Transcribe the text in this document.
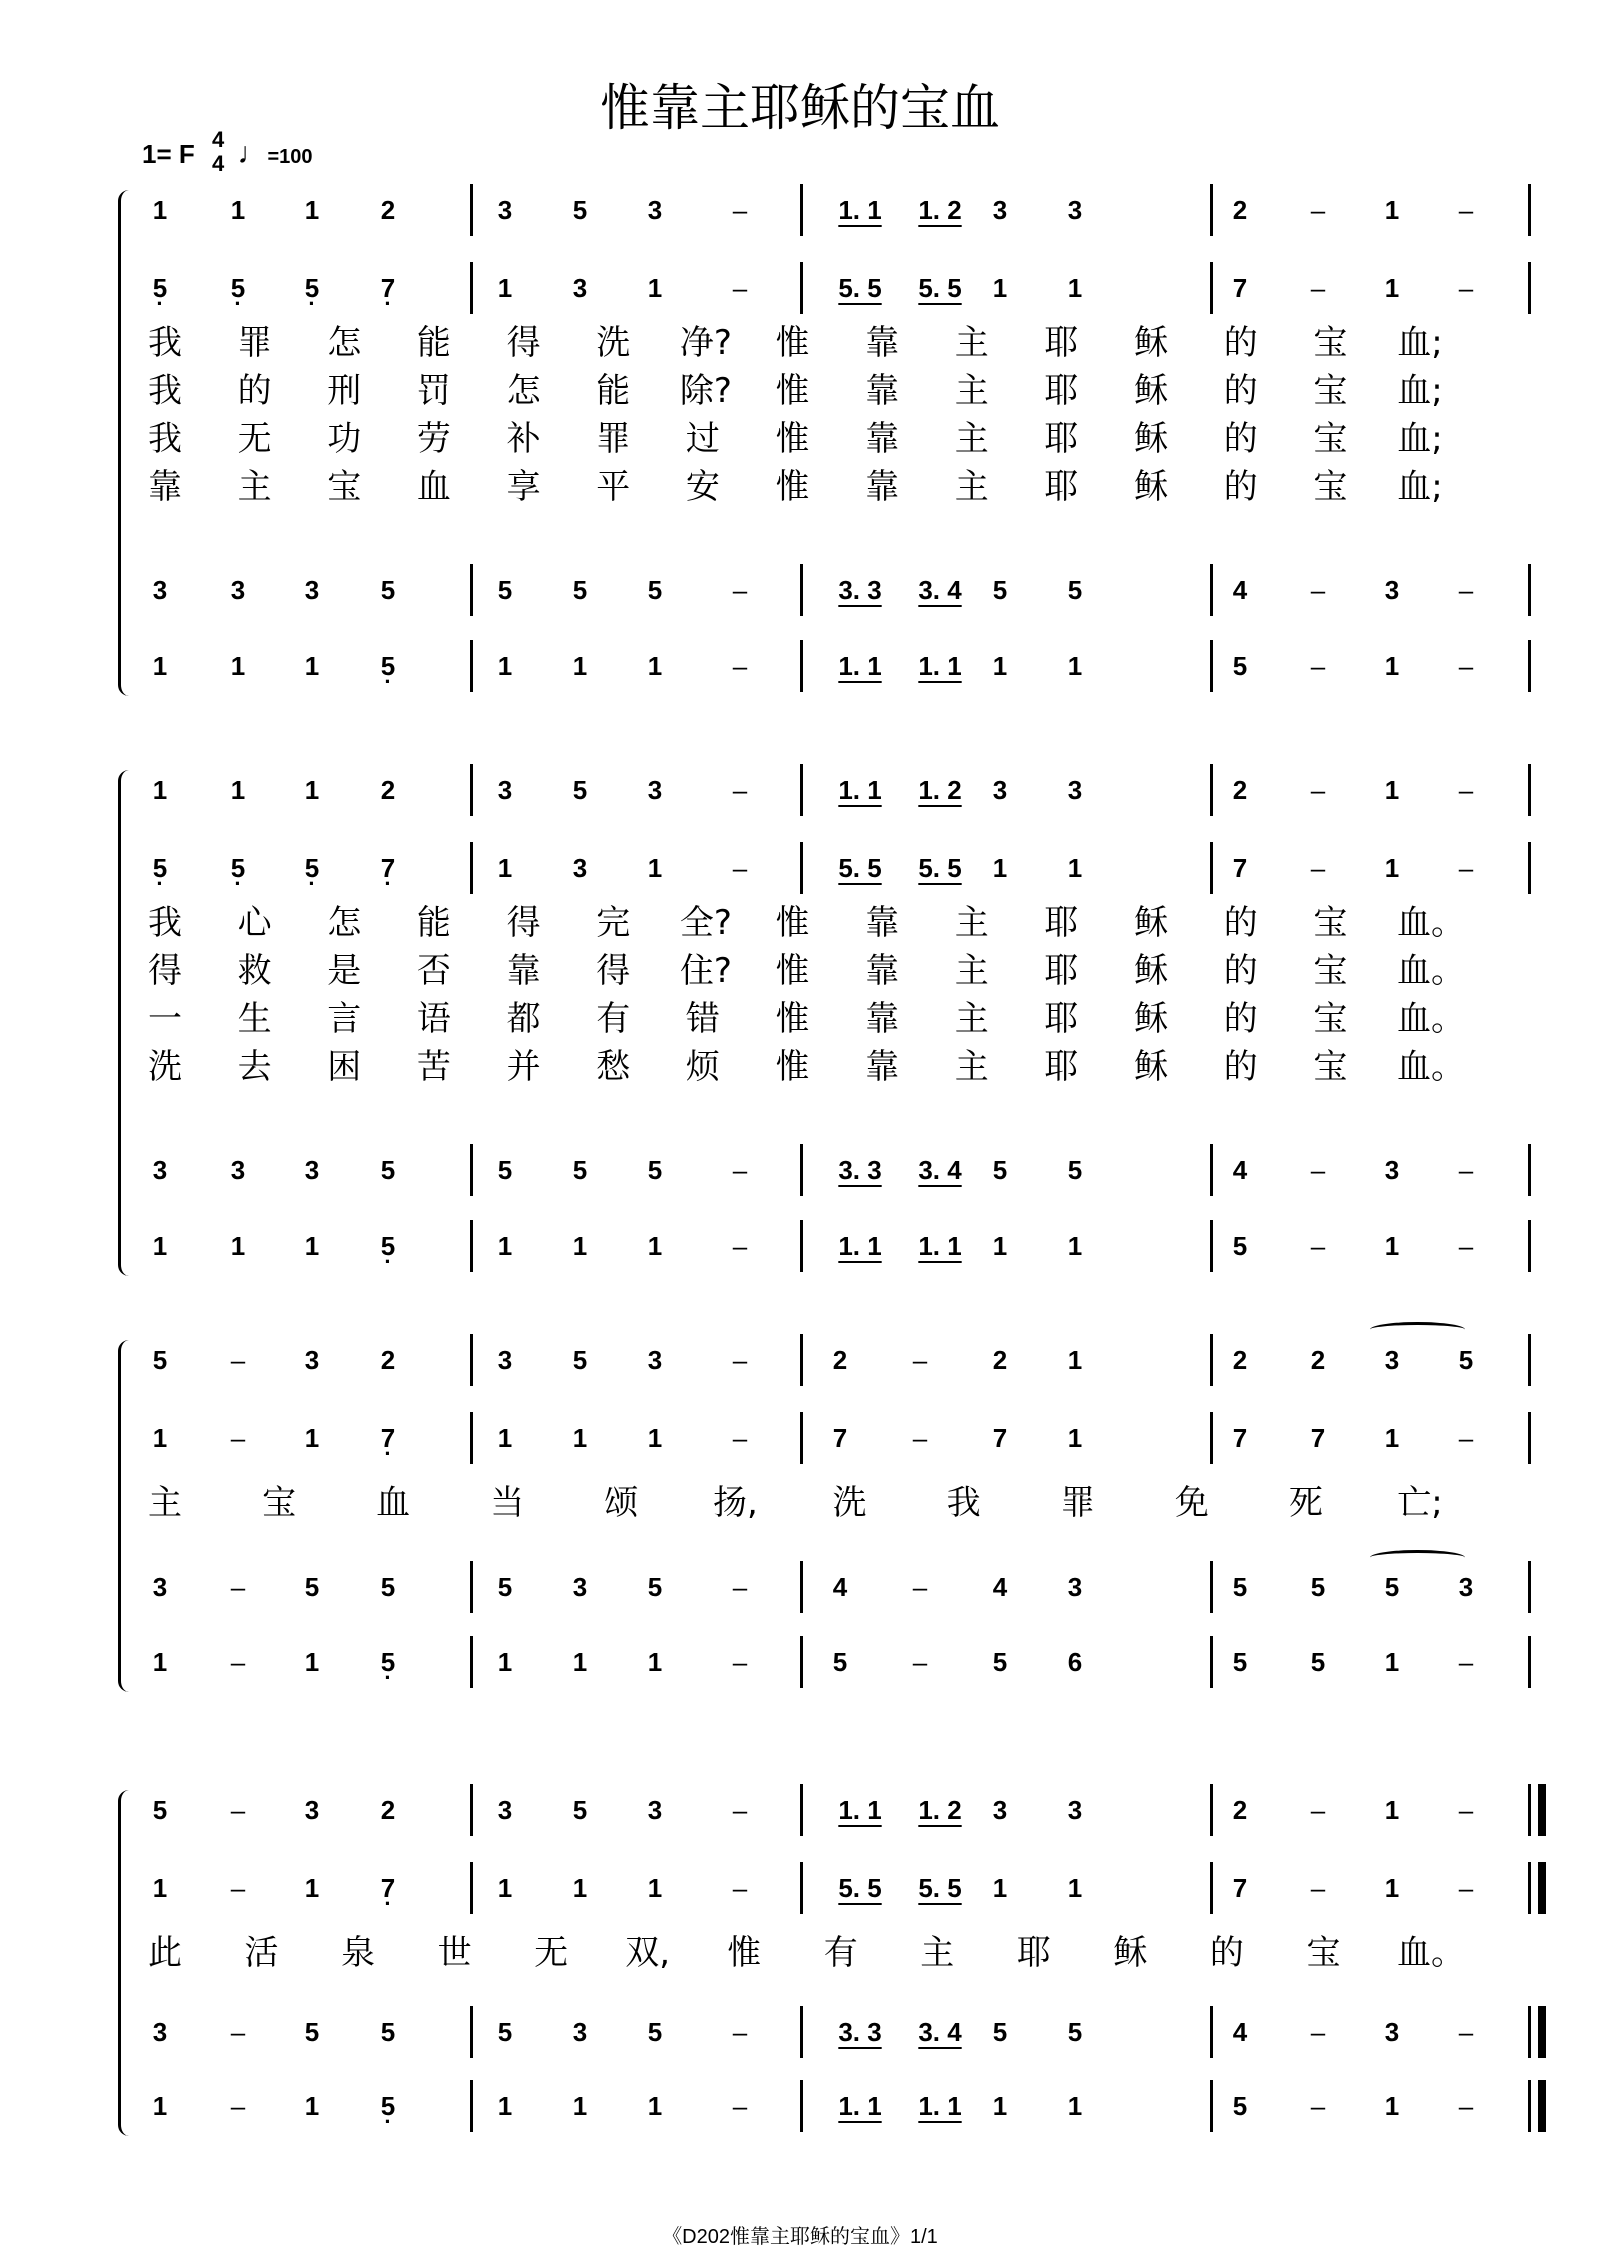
惟靠主耶稣的宝血
1= F 4
4 ♩=100
1	1	1	2	3	5	3	–	1. 1	1. 2	3	3	2	–	1	–
5 ·	5 ·	5 ·	7 ·	1	3	1	–	5. 5	5. 5	1	1	7	–	1	–
3	3	3	5	5	5	5	–	3. 3	3. 4	5	5	4	–	3	–
1	1	1	5 ·	1	1	1	–	1. 1	1. 1	1	1	5	–	1	–
我 罪 怎 能 得 洗 净? 惟 靠 主 耶 稣 的 宝 血;
我 的 刑 罚 怎 能 除? 惟 靠 主 耶 稣 的 宝 血;
我 无 功 劳 补 罪 过 惟 靠 主 耶 稣 的 宝 血;
靠 主 宝 血 享 平 安 惟 靠 主 耶 稣 的 宝 血;
1	1	1	2	3	5	3	–	1. 1	1. 2	3	3	2	–	1	–
5 ·	5 ·	5 ·	7 ·	1	3	1	–	5. 5	5. 5	1	1	7	–	1	–
3	3	3	5	5	5	5	–	3. 3	3. 4	5	5	4	–	3	–
1	1	1	5 ·	1	1	1	–	1. 1	1. 1	1	1	5	–	1	–
我 心 怎 能 得 完 全? 惟 靠 主 耶 稣 的 宝 血。
得 救 是 否 靠 得 住? 惟 靠 主 耶 稣 的 宝 血。
一 生 言 语 都 有 错 惟 靠 主 耶 稣 的 宝 血。
洗 去 困 苦 并 愁 烦 惟 靠 主 耶 稣 的 宝 血。
5	–	3	2	3	5	3	–	2	–	2	1	2	2	3	5
1	–	1	7 ·	1	1	1	–	7	–	7	1	7	7	1	–
3	–	5	5	5	3	5	–	4	–	4	3	5	5	5	3
1	–	1	5 ·	1	1	1	–	5	–	5	6	5	5	1	–
主 宝 血 当 颂 扬, 洗 我 罪 免 死 亡;
5	–	3	2	3	5	3	–	1. 1	1. 2	3	3	2	–	1	–
1	–	1	7 ·	1	1	1	–	5. 5	5. 5	1	1	7	–	1	–
3	–	5	5	5	3	5	–	3. 3	3. 4	5	5	4	–	3	–
1	–	1	5 ·	1	1	1	–	1. 1	1. 1	1	1	5	–	1	–
此 活 泉 世 无 双, 惟 有 主 耶 稣 的 宝 血。
《D202惟靠主耶稣的宝血》1/1
